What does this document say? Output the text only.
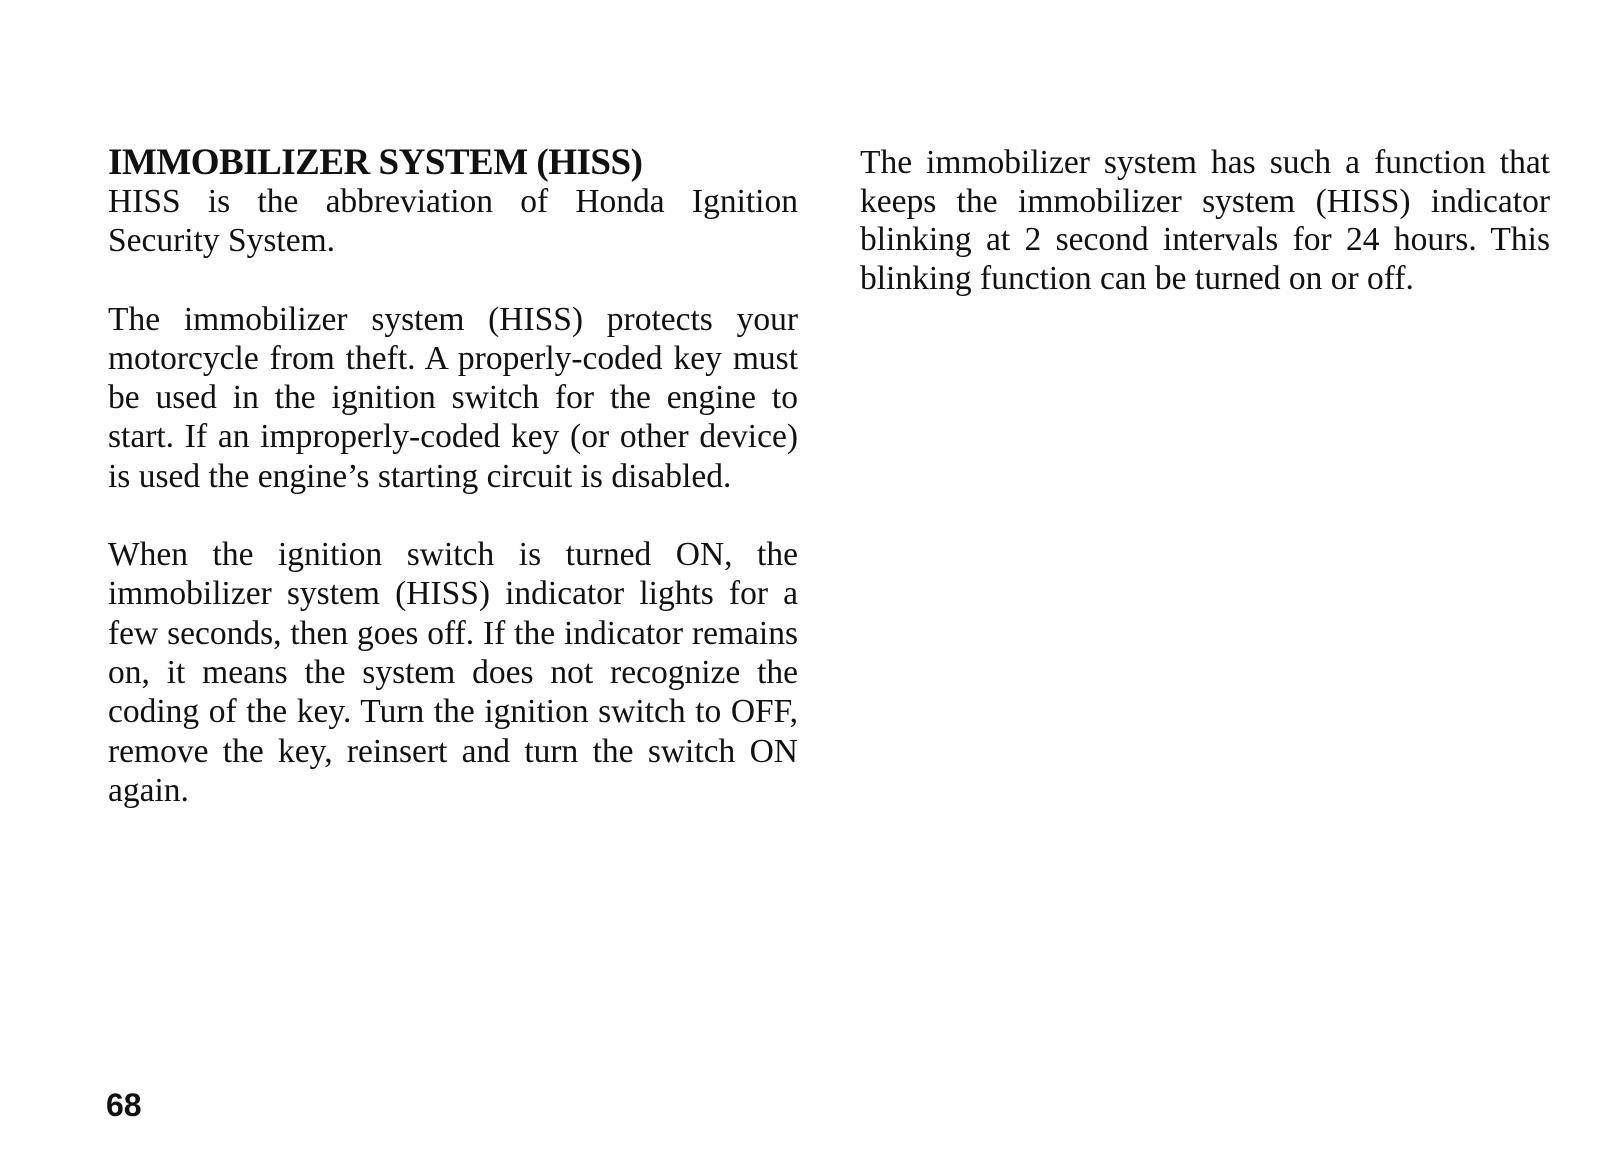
IMMOBILIZER SYSTEM (HISS)

HISS is the abbreviation of Honda Ignition Security System.

The immobilizer system (HISS) protects your motorcycle from theft. A properly-coded key must be used in the ignition switch for the engine to start. If an improperly-coded key (or other device) is used the engine’s starting circuit is disabled.

When the ignition switch is turned ON, the immobilizer system (HISS) indicator lights for a few seconds, then goes off. If the indicator remains on, it means the system does not recognize the coding of the key. Turn the ignition switch to OFF, remove the key, reinsert and turn the switch ON again.

The immobilizer system has such a function that keeps the immobilizer system (HISS) indicator blinking at 2 second intervals for 24 hours. This blinking function can be turned on or off.

68
